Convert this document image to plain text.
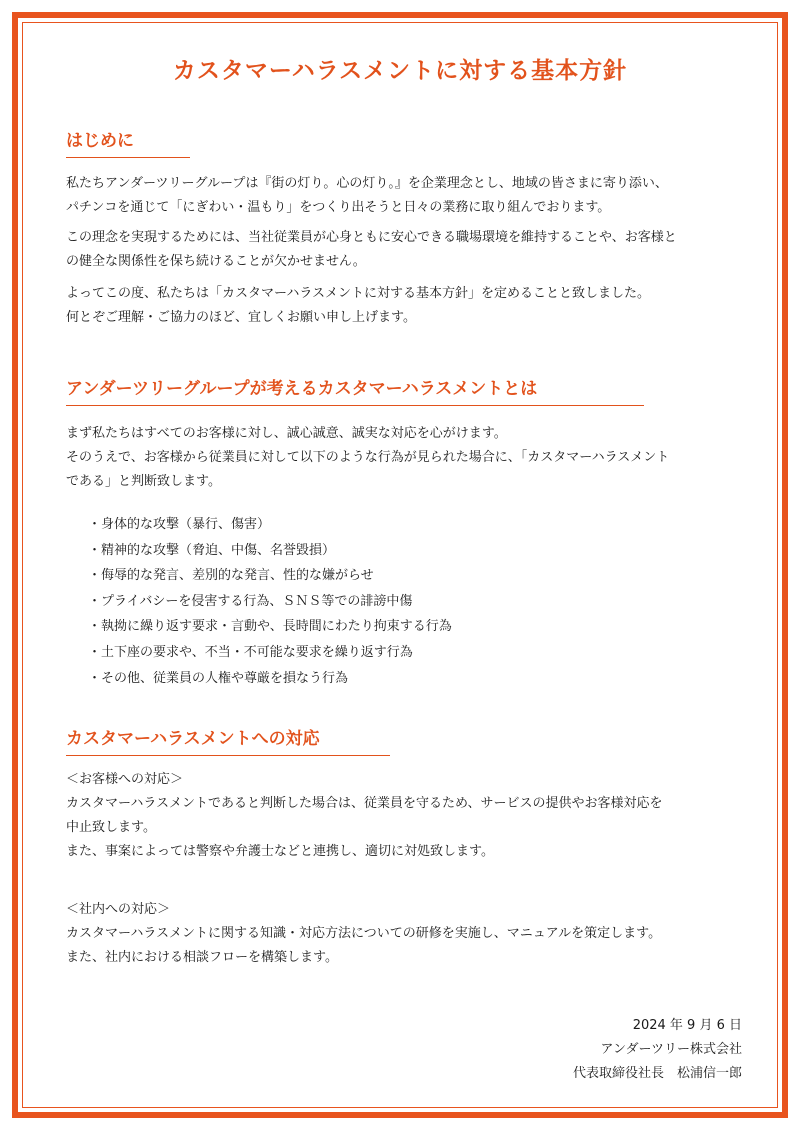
カスタマーハラスメントに対する基本方針
はじめに

私たちアンダーツリーグループは『街の灯り。心の灯り。』を企業理念とし、地域の皆さまに寄り添い、
パチンコを通じて「にぎわい・温もり」をつくり出そうと日々の業務に取り組んでおります。

この理念を実現するためには、当社従業員が心身ともに安心できる職場環境を維持することや、お客様と
の健全な関係性を保ち続けることが欠かせません。

よってこの度、私たちは「カスタマーハラスメントに対する基本方針」を定めることと致しました。
何とぞご理解・ご協力のほど、宜しくお願い申し上げます。

アンダーツリーグループが考えるカスタマーハラスメントとは

まず私たちはすべてのお客様に対し、誠心誠意、誠実な対応を心がけます。
そのうえで、お客様から従業員に対して以下のような行為が見られた場合に、「カスタマーハラスメント
である」と判断致します。

・ 身体的な攻撃（暴行、傷害）
・ 精神的な攻撃（脅迫、中傷、名誉毀損）
・ 侮辱的な発言、差別的な発言、性的な嫌がらせ
・ プライバシーを侵害する行為、ＳＮＳ等での誹謗中傷
・ 執拗に繰り返す要求・言動や、長時間にわたり拘束する行為
・ 土下座の要求や、不当・不可能な要求を繰り返す行為
・ その他、従業員の人権や尊厳を損なう行為
カスタマーハラスメントへの対応

＜お客様への対応＞
カスタマーハラスメントであると判断した場合は、従業員を守るため、サービスの提供やお客様対応を
中止致します。
また、事案によっては警察や弁護士などと連携し、適切に対処致します。

＜社内への対応＞
カスタマーハラスメントに関する知識・対応方法についての研修を実施し、マニュアルを策定します。
また、社内における相談フローを構築します。

2024 年 9 月 6 日
アンダーツリー株式会社
代表取締役社長　松浦信一郎
